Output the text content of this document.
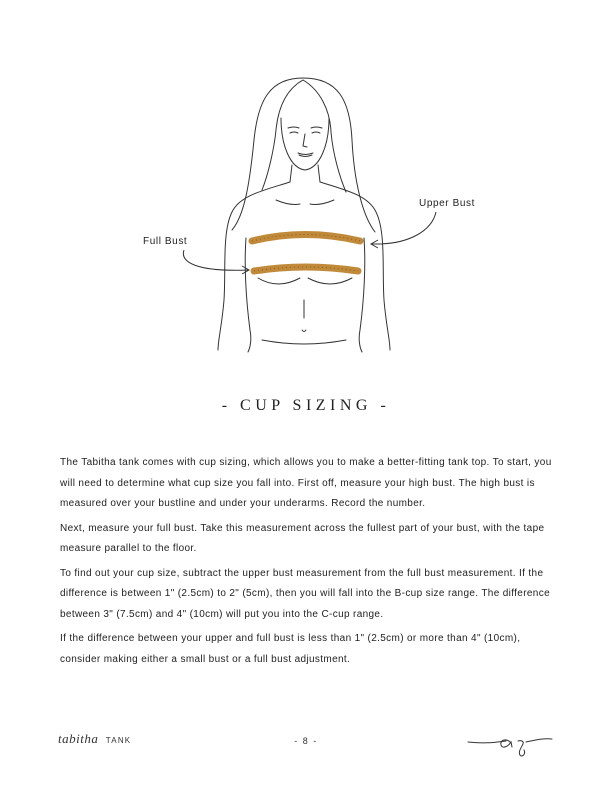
Upper Bust
Full Bust
- CUP SIZING -

The Tabitha tank comes with cup sizing, which allows you to make a better-fitting tank top. To start, you will need to determine what cup size you fall into. First off, measure your high bust. The high bust is measured over your bustline and under your underarms. Record the number.

Next, measure your full bust. Take this measurement across the fullest part of your bust, with the tape measure parallel to the floor.

To find out your cup size, subtract the upper bust measurement from the full bust measurement. If the difference is between 1" (2.5cm) to 2" (5cm), then you will fall into the B-cup size range. The difference between 3" (7.5cm) and 4" (10cm) will put you into the C-cup range.

If the difference between your upper and full bust is less than 1" (2.5cm) or more than 4" (10cm), consider making either a small bust or a full bust adjustment.

tabitha TANK	- 8 -
